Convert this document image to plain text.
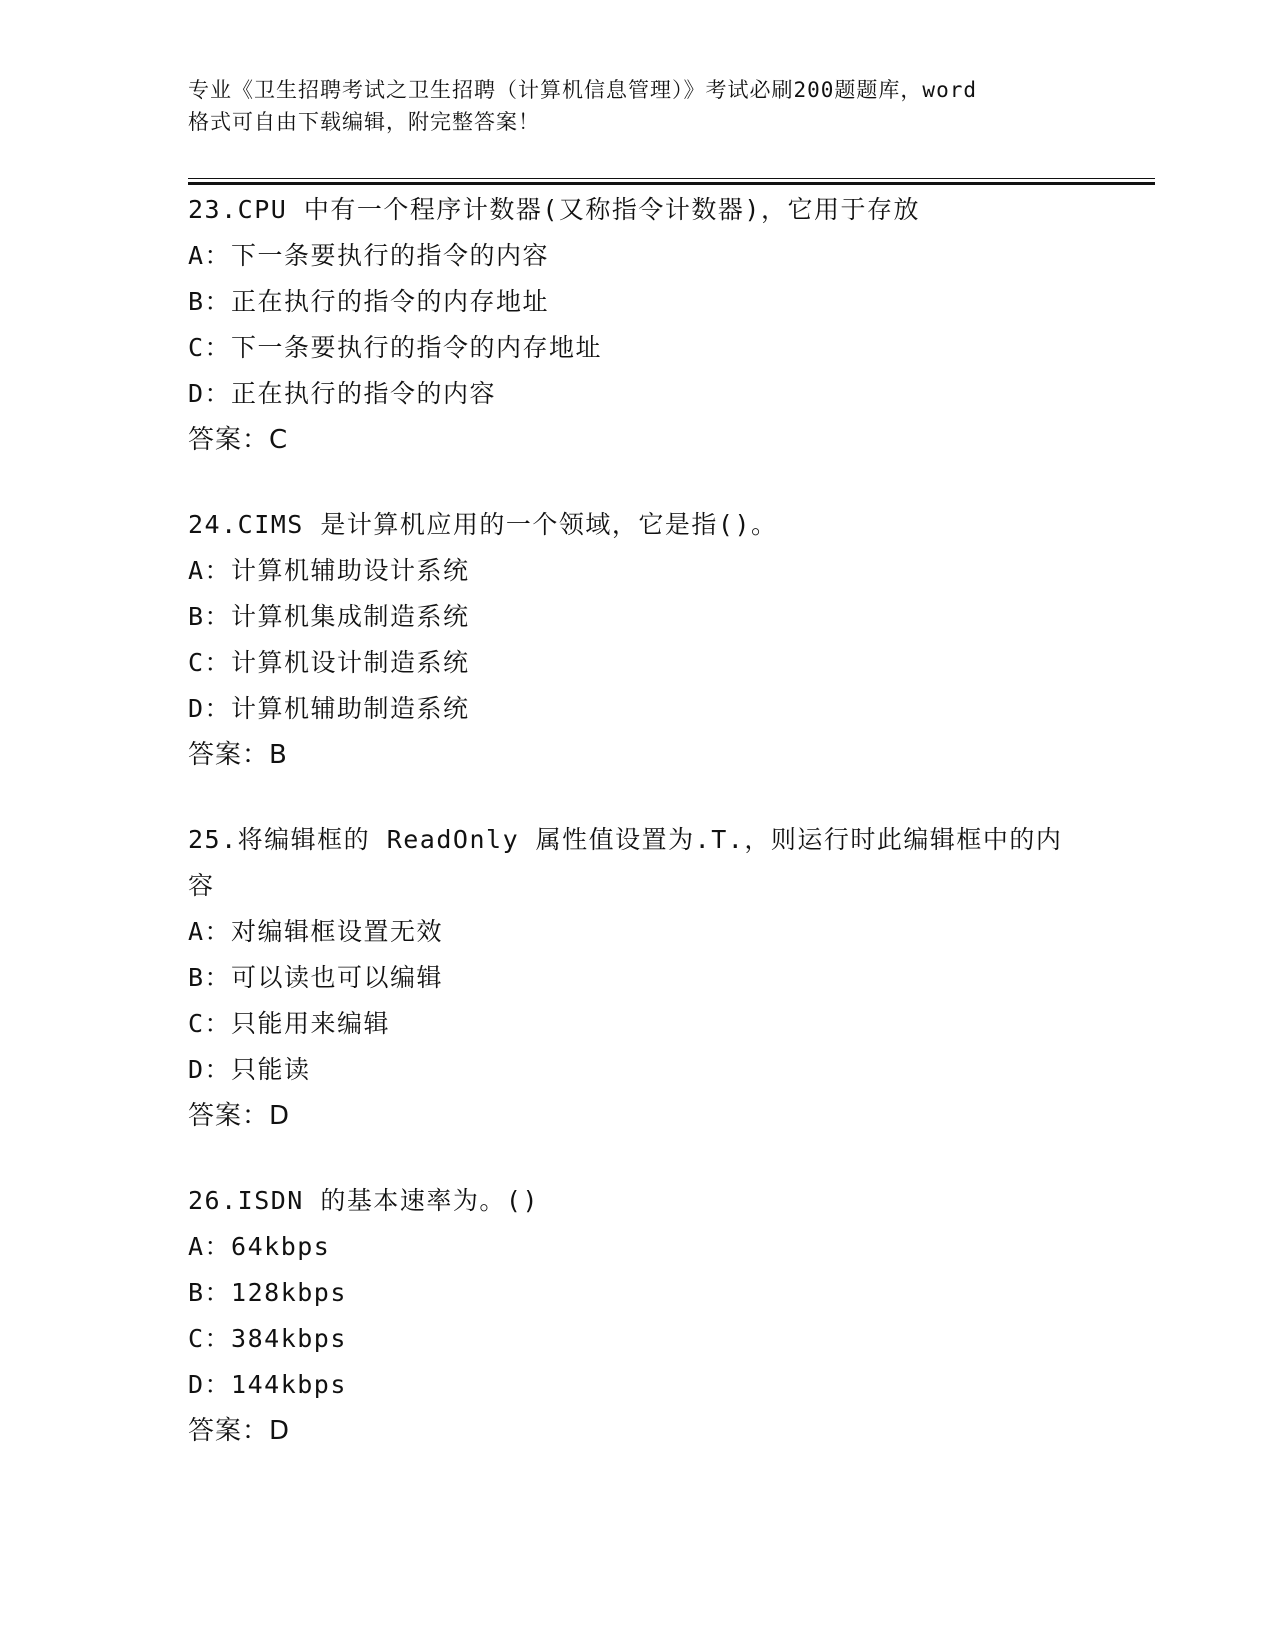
专业《卫生招聘考试之卫生招聘（计算机信息管理）》考试必刷200题题库，word
格式可自由下载编辑，附完整答案！
23.CPU 中有一个程序计数器(又称指令计数器)，它用于存放
A：下一条要执行的指令的内容
B：正在执行的指令的内存地址
C：下一条要执行的指令的内存地址
D：正在执行的指令的内容
答案：C
24.CIMS 是计算机应用的一个领域，它是指()。
A：计算机辅助设计系统
B：计算机集成制造系统
C：计算机设计制造系统
D：计算机辅助制造系统
答案：B
25.将编辑框的 ReadOnly 属性值设置为.T.，则运行时此编辑框中的内
容
A：对编辑框设置无效
B：可以读也可以编辑
C：只能用来编辑
D：只能读
答案：D
26.ISDN 的基本速率为。()
A：64kbps
B：128kbps
C：384kbps
D：144kbps
答案：D
